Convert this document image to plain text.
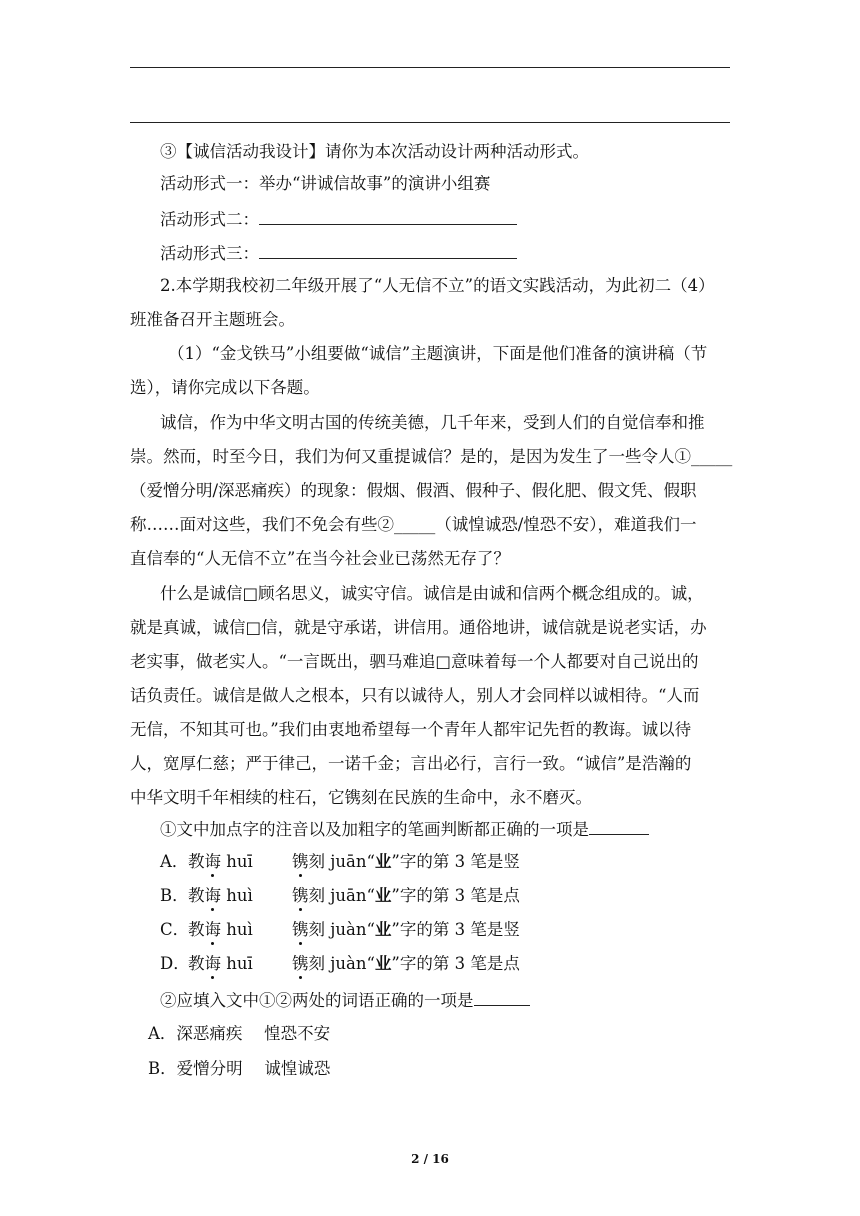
③【诚信活动我设计】请你为本次活动设计两种活动形式。
活动形式一：举办“讲诚信故事”的演讲小组赛
活动形式二：
活动形式三：
2.本学期我校初二年级开展了“人无信不立”的语文实践活动，为此初二（4）
班准备召开主题班会。
（1）“金戈铁马”小组要做“诚信”主题演讲，下面是他们准备的演讲稿（节
选），请你完成以下各题。
诚信，作为中华文明古国的传统美德，几千年来，受到人们的自觉信奉和推
崇。然而，时至今日，我们为何又重提诚信？是的，是因为发生了一些令人①_____
（爱憎分明/深恶痛疾）的现象：假烟、假酒、假种子、假化肥、假文凭、假职
称……面对这些，我们不免会有些②_____（诚惶诚恐/惶恐不安），难道我们一
直信奉的“人无信不立”在当今社会业已荡然无存了？
什么是诚信□顾名思义，诚实守信。诚信是由诚和信两个概念组成的。诚，
就是真诚，诚信□信，就是守承诺，讲信用。通俗地讲，诚信就是说老实话，办
老实事，做老实人。“一言既出，驷马难追□意味着每一个人都要对自己说出的
话负责任。诚信是做人之根本，只有以诚待人，别人才会同样以诚相待。“人而
无信，不知其可也。”我们由衷地希望每一个青年人都牢记先哲的教诲。诚以待
人，宽厚仁慈；严于律己，一诺千金；言出必行，言行一致。“诚信”是浩瀚的
中华文明千年相续的柱石，它镌刻在民族的生命中，永不磨灭。
①文中加点字的注音以及加粗字的笔画判断都正确的一项是
A．教诲 huī 镌刻 juān“业”字的第 3 笔是竖
B．教诲 huì 镌刻 juān“业”字的第 3 笔是点
C．教诲 huì 镌刻 juàn“业”字的第 3 笔是竖
D．教诲 huī 镌刻 juàn“业”字的第 3 笔是点
②应填入文中①②两处的词语正确的一项是
A．深恶痛疾　 惶恐不安
B．爱憎分明　 诚惶诚恐
2 / 16
